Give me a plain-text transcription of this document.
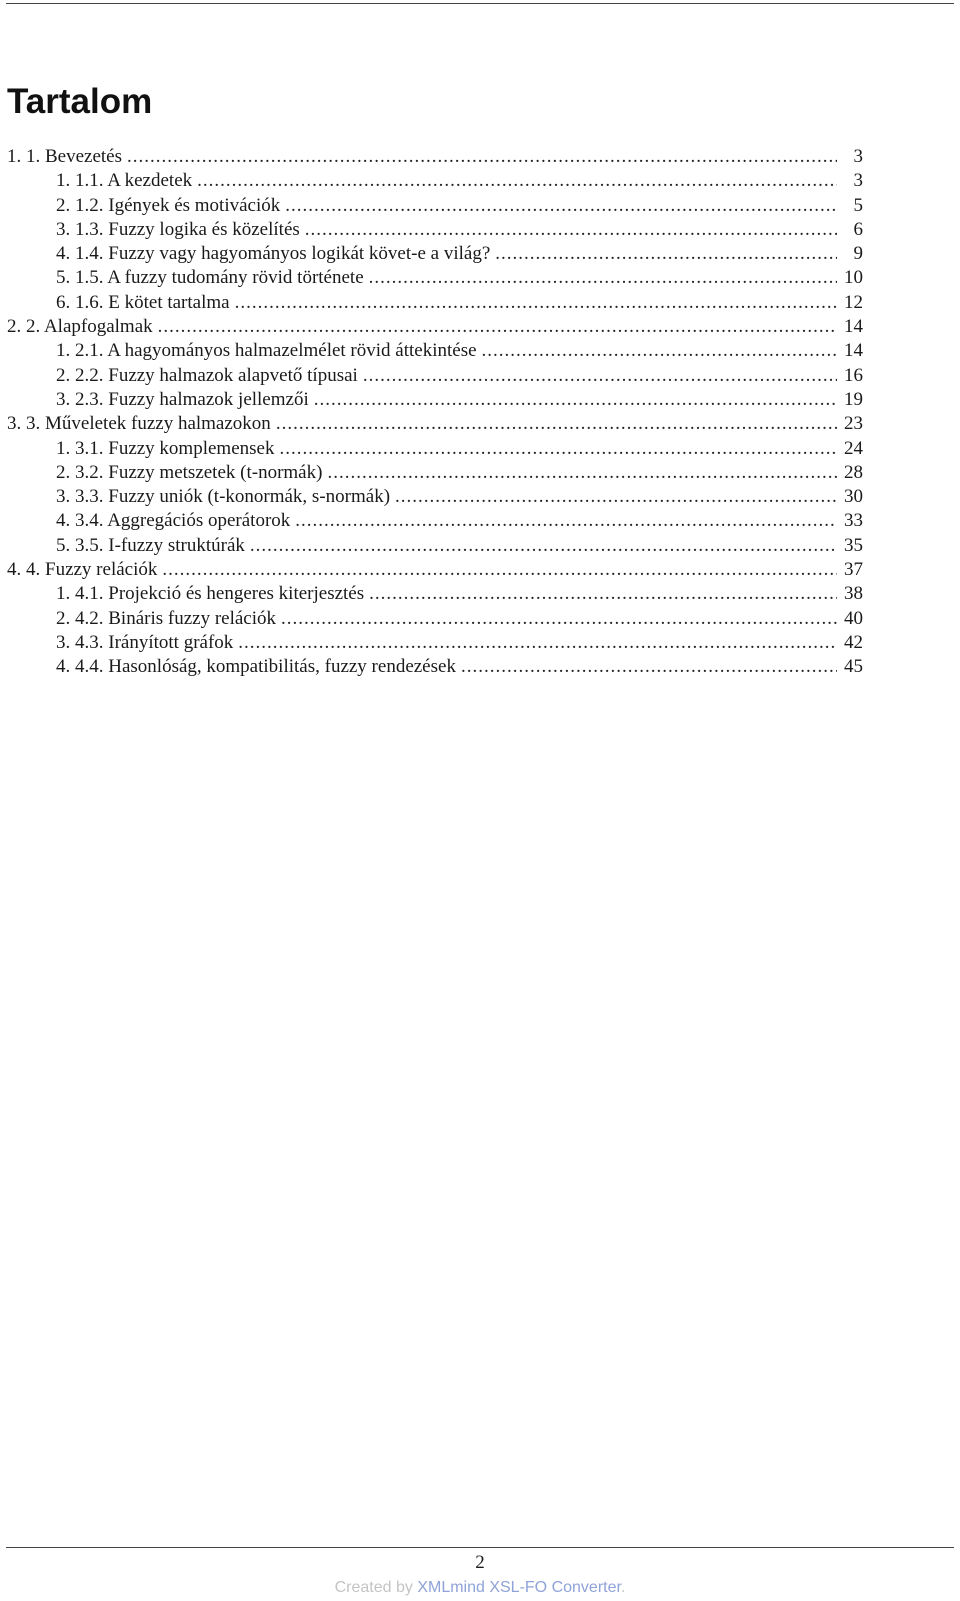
Tartalom
1. 1. Bevezetés .....	3
1. 1.1. A kezdetek .....	3
2. 1.2. Igények és motivációk .....	5
3. 1.3. Fuzzy logika és közelítés .....	6
4. 1.4. Fuzzy vagy hagyományos logikát követ-e a világ? .....	9
5. 1.5. A fuzzy tudomány rövid története .....	10
6. 1.6. E kötet tartalma .....	12
2. 2. Alapfogalmak .....	14
1. 2.1. A hagyományos halmazelmélet rövid áttekintése .....	14
2. 2.2. Fuzzy halmazok alapvető típusai .....	16
3. 2.3. Fuzzy halmazok jellemzői .....	19
3. 3. Műveletek fuzzy halmazokon .....	23
1. 3.1. Fuzzy komplemensek .....	24
2. 3.2. Fuzzy metszetek (t-normák) .....	28
3. 3.3. Fuzzy uniók (t-konormák, s-normák) .....	30
4. 3.4. Aggregációs operátorok .....	33
5. 3.5. I-fuzzy struktúrák .....	35
4. 4. Fuzzy relációk .....	37
1. 4.1. Projekció és hengeres kiterjesztés .....	38
2. 4.2. Bináris fuzzy relációk .....	40
3. 4.3. Irányított gráfok .....	42
4. 4.4. Hasonlóság, kompatibilitás, fuzzy rendezések .....	45
2
Created by XMLmind XSL-FO Converter.
